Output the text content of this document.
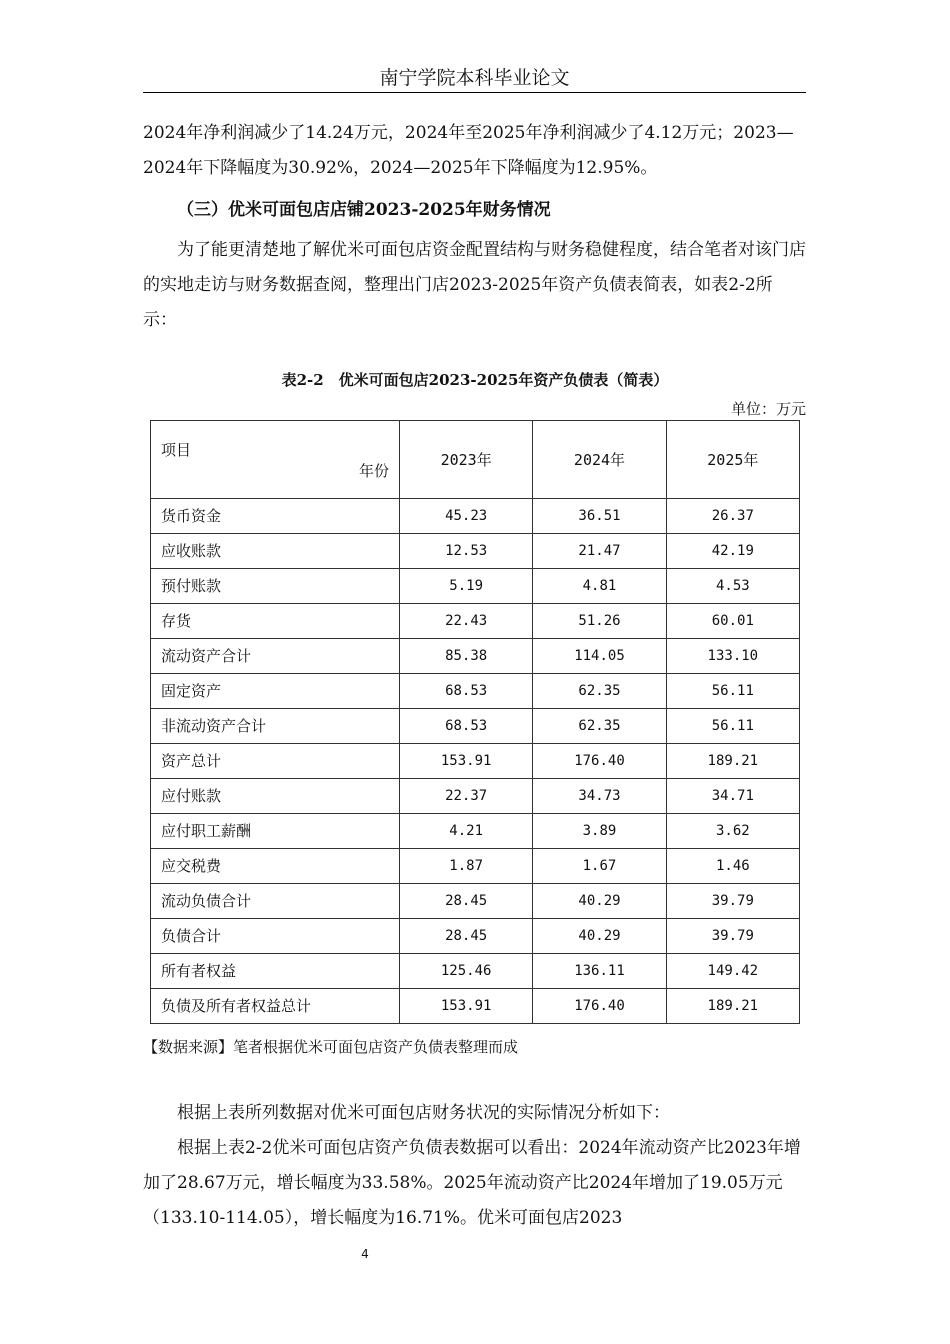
南宁学院本科毕业论文

2024年净利润减少了14.24万元，2024年至2025年净利润减少了4.12万元；2023—2024年下降幅度为30.92%，2024—2025年下降幅度为12.95%。

（三）优米可面包店店铺2023-2025年财务情况

为了能更清楚地了解优米可面包店资金配置结构与财务稳健程度，结合笔者对该门店的实地走访与财务数据查阅，整理出门店2023-2025年资产负债表简表，如表2-2所示：

表2-2　优米可面包店2023-2025年资产负债表（简表）
单位：万元
项目
年份	2023年	2024年	2025年
货币资金	45.23	36.51	26.37
应收账款	12.53	21.47	42.19
预付账款	5.19	4.81	4.53
存货	22.43	51.26	60.01
流动资产合计	85.38	114.05	133.10
固定资产	68.53	62.35	56.11
非流动资产合计	68.53	62.35	56.11
资产总计	153.91	176.40	189.21
应付账款	22.37	34.73	34.71
应付职工薪酬	4.21	3.89	3.62
应交税费	1.87	1.67	1.46
流动负债合计	28.45	40.29	39.79
负债合计	28.45	40.29	39.79
所有者权益	125.46	136.11	149.42
负债及所有者权益总计	153.91	176.40	189.21
【数据来源】笔者根据优米可面包店资产负债表整理而成

根据上表所列数据对优米可面包店财务状况的实际情况分析如下：

根据上表2-2优米可面包店资产负债表数据可以看出：2024年流动资产比2023年增加了28.67万元，增长幅度为33.58%。2025年流动资产比2024年增加了19.05万元（133.10-114.05），增长幅度为16.71%。优米可面包店2023

4
